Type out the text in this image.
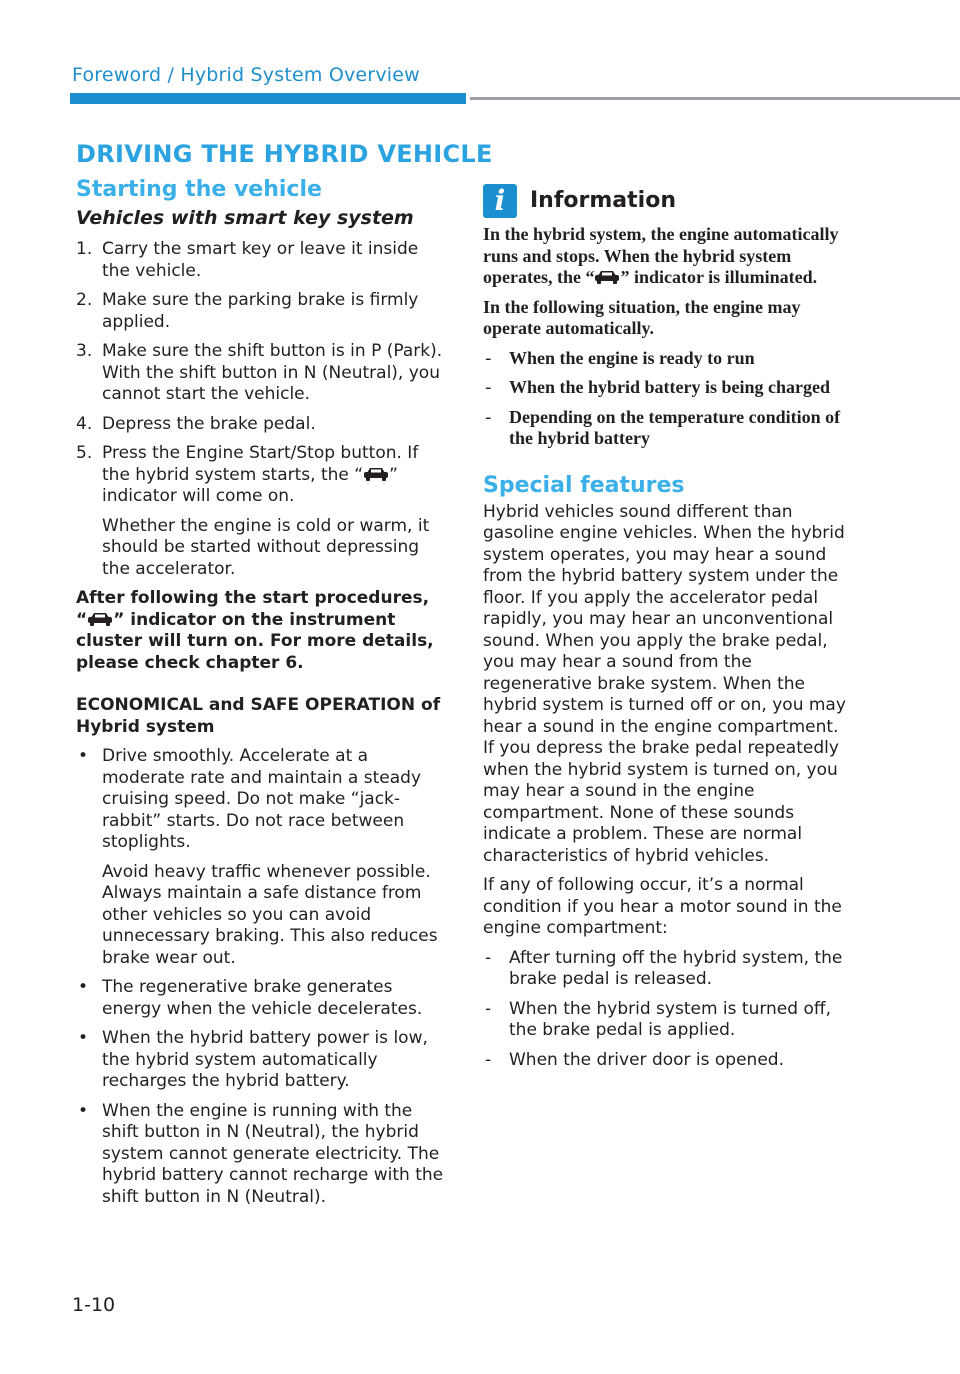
Foreword / Hybrid System Overview
DRIVING THE HYBRID VEHICLE
Starting the vehicle
Vehicles with smart key system
1. Carry the smart key or leave it inside the vehicle.
2. Make sure the parking brake is firmly applied.
3. Make sure the shift button is in P (Park). With the shift button in N (Neutral), you cannot start the vehicle.
4. Depress the brake pedal.
5. Press the Engine Start/Stop button. If the hybrid system starts, the “ ” indicator will come on.

Whether the engine is cold or warm, it should be started without depressing the accelerator.

After following the start procedures, “ ” indicator on the instrument cluster will turn on. For more details, please check chapter 6.

ECONOMICAL and SAFE OPERATION of Hybrid system

• Drive smoothly. Accelerate at a moderate rate and maintain a steady cruising speed. Do not make “jack-rabbit” starts. Do not race between stoplights.

Avoid heavy traffic whenever possible. Always maintain a safe distance from other vehicles so you can avoid unnecessary braking. This also reduces brake wear out.

• The regenerative brake generates energy when the vehicle decelerates.
• When the hybrid battery power is low, the hybrid system automatically recharges the hybrid battery.
• When the engine is running with the shift button in N (Neutral), the hybrid system cannot generate electricity. The hybrid battery cannot recharge with the shift button in N (Neutral).
i	Information

In the hybrid system, the engine automatically runs and stops. When the hybrid system operates, the “ ” indicator is illuminated.

In the following situation, the engine may operate automatically.

- When the engine is ready to run
- When the hybrid battery is being charged
- Depending on the temperature condition of the hybrid battery
Special features

Hybrid vehicles sound different than gasoline engine vehicles. When the hybrid system operates, you may hear a sound from the hybrid battery system under the floor. If you apply the accelerator pedal rapidly, you may hear an unconventional sound. When you apply the brake pedal, you may hear a sound from the regenerative brake system. When the hybrid system is turned off or on, you may hear a sound in the engine compartment. If you depress the brake pedal repeatedly when the hybrid system is turned on, you may hear a sound in the engine compartment. None of these sounds indicate a problem. These are normal characteristics of hybrid vehicles.

If any of following occur, it’s a normal condition if you hear a motor sound in the engine compartment:

- After turning off the hybrid system, the brake pedal is released.
- When the hybrid system is turned off, the brake pedal is applied.
- When the driver door is opened.
1-10
